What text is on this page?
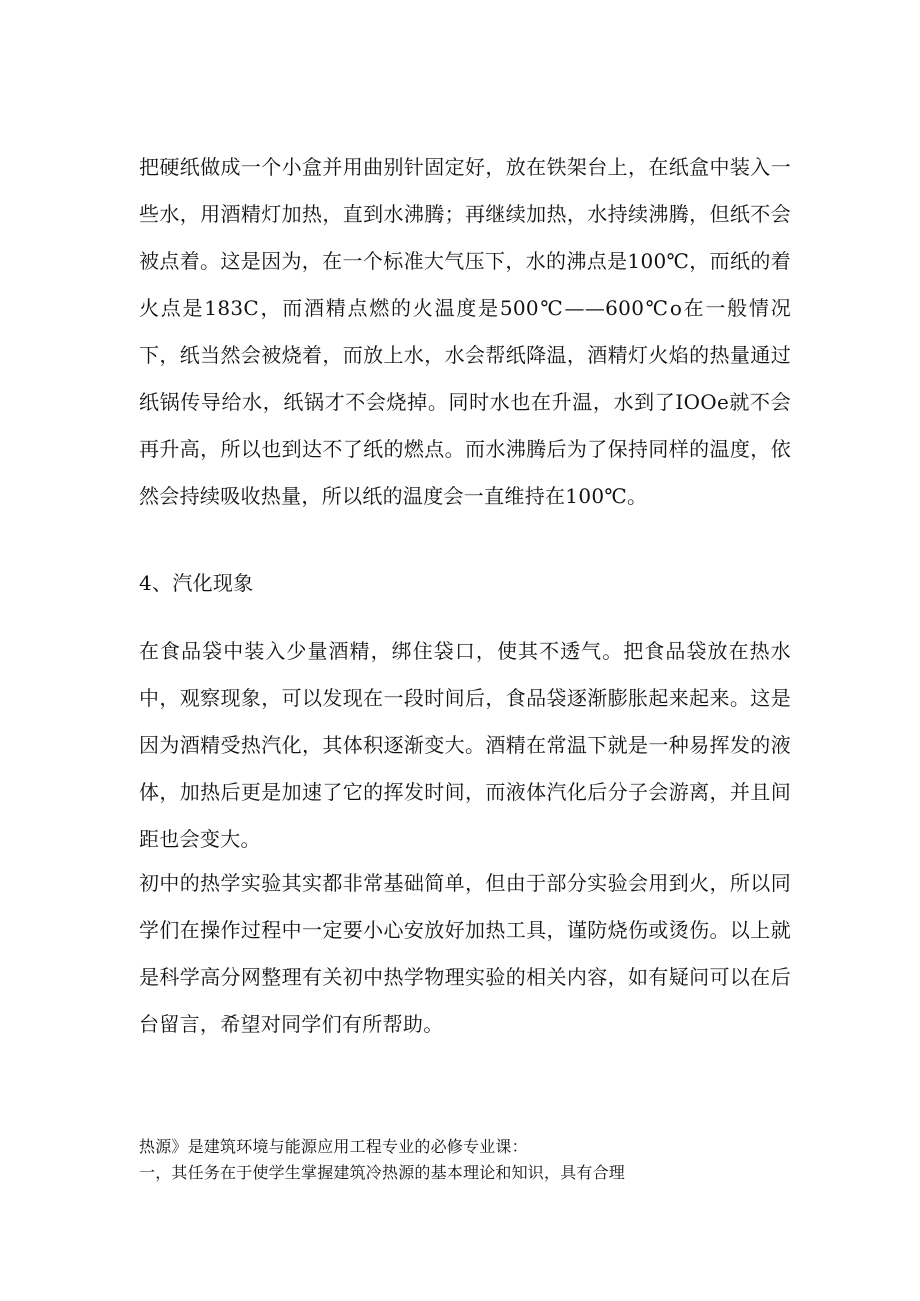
把硬纸做成一个小盒并用曲别针固定好，放在铁架台上，在纸盒中装入一些水，用酒精灯加热，直到水沸腾；再继续加热，水持续沸腾，但纸不会被点着。这是因为，在一个标准大气压下，水的沸点是100℃，而纸的着火点是183C，而酒精点燃的火温度是500℃——600℃o在一般情况下，纸当然会被烧着，而放上水，水会帮纸降温，酒精灯火焰的热量通过纸锅传导给水，纸锅才不会烧掉。同时水也在升温，水到了IOOe就不会再升高，所以也到达不了纸的燃点。而水沸腾后为了保持同样的温度，依然会持续吸收热量，所以纸的温度会一直维持在100℃。

4、汽化现象

在食品袋中装入少量酒精，绑住袋口，使其不透气。把食品袋放在热水中，观察现象，可以发现在一段时间后，食品袋逐渐膨胀起来起来。这是因为酒精受热汽化，其体积逐渐变大。酒精在常温下就是一种易挥发的液体，加热后更是加速了它的挥发时间，而液体汽化后分子会游离，并且间距也会变大。

初中的热学实验其实都非常基础简单，但由于部分实验会用到火，所以同学们在操作过程中一定要小心安放好加热工具，谨防烧伤或烫伤。以上就是科学高分网整理有关初中热学物理实验的相关内容，如有疑问可以在后台留言，希望对同学们有所帮助。

热源》是建筑环境与能源应用工程专业的必修专业课：

一，其任务在于使学生掌握建筑冷热源的基本理论和知识，具有合理
